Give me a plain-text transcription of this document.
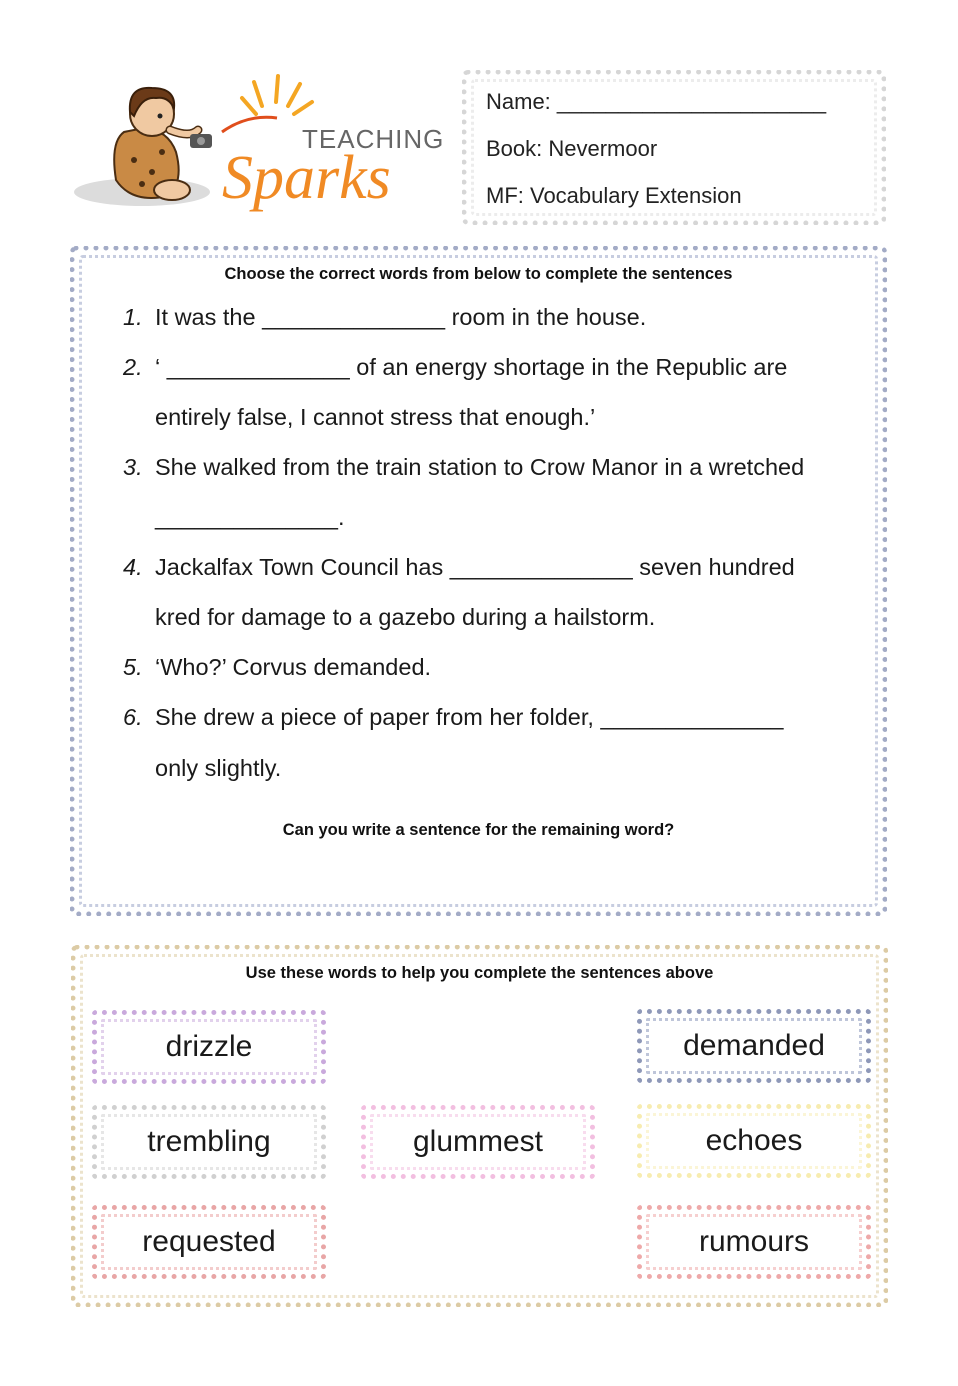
TEACHING
Sparks
Name: ______________________
Book: Nevermoor
MF: Vocabulary Extension
Choose the correct words from below to complete the sentences
1. It was the ______________ room in the house.
2. ‘ ______________ of an energy shortage in the Republic are
entirely false, I cannot stress that enough.’
3. She walked from the train station to Crow Manor in a wretched
______________.
4. Jackalfax Town Council has ______________ seven hundred
kred for damage to a gazebo during a hailstorm.
5. ‘Who?’ Corvus demanded.
6. She drew a piece of paper from her folder, ______________
only slightly.
Can you write a sentence for the remaining word?
Use these words to help you complete the sentences above
drizzle	demanded
trembling	glummest	echoes
requested	rumours
